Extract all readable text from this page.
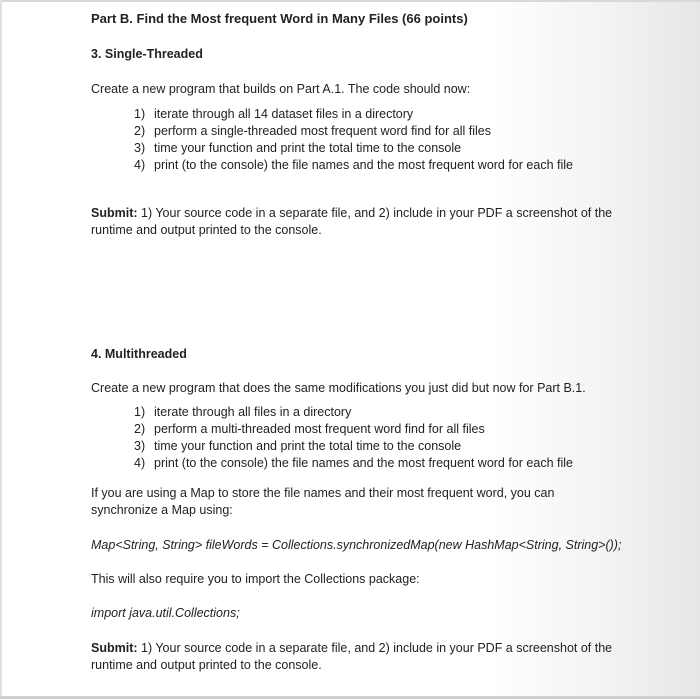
Part B. Find the Most frequent Word in Many Files (66 points)
3. Single-Threaded
Create a new program that builds on Part A.1. The code should now:
1) iterate through all 14 dataset files in a directory
2) perform a single-threaded most frequent word find for all files
3) time your function and print the total time to the console
4) print (to the console) the file names and the most frequent word for each file
Submit: 1) Your source code in a separate file, and 2) include in your PDF a screenshot of the
runtime and output printed to the console.
4. Multithreaded
Create a new program that does the same modifications you just did but now for Part B.1.
1) iterate through all files in a directory
2) perform a multi-threaded most frequent word find for all files
3) time your function and print the total time to the console
4) print (to the console) the file names and the most frequent word for each file
If you are using a Map to store the file names and their most frequent word, you can
synchronize a Map using:
Map<String, String> fileWords = Collections.synchronizedMap(new HashMap<String, String>());
This will also require you to import the Collections package:
import java.util.Collections;
Submit: 1) Your source code in a separate file, and 2) include in your PDF a screenshot of the
runtime and output printed to the console.
